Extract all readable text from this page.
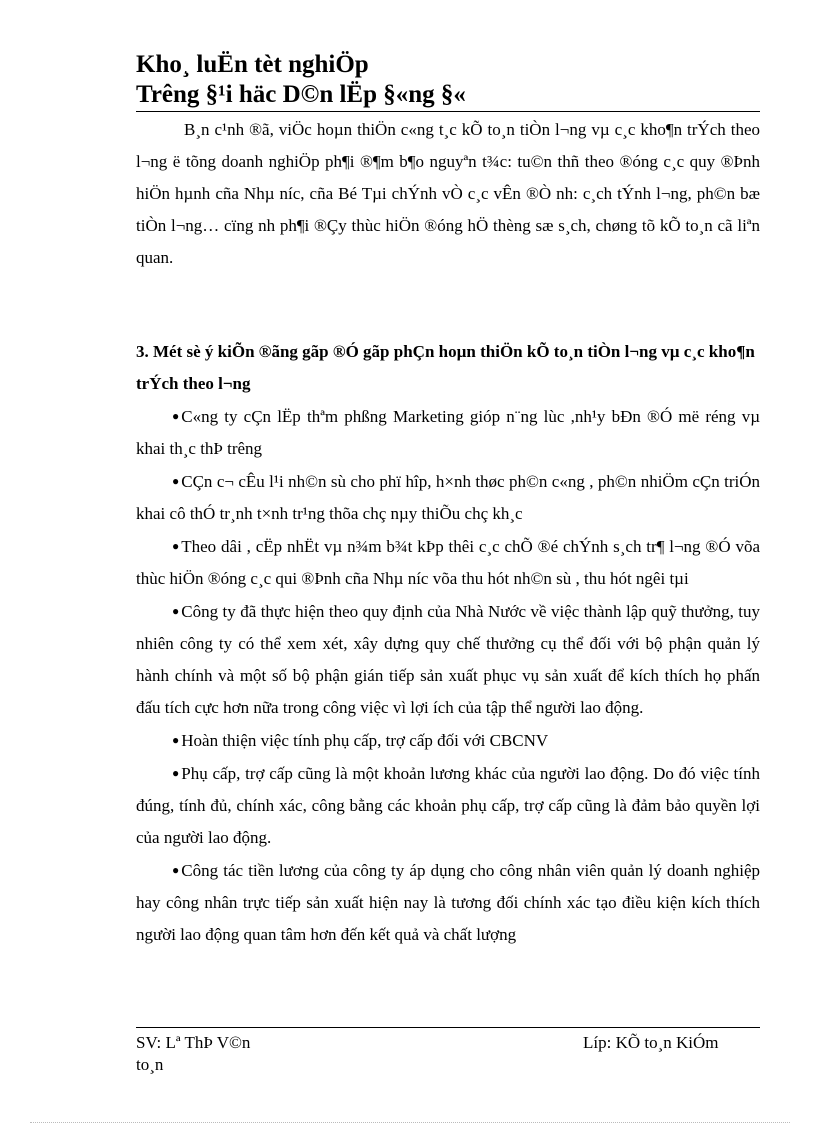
Kho¸ luËn tèt nghiÖp
Trêng §¹i häc D©n lËp §«ng §«

B¸n c¹nh ®ã, viÖc hoµn thiÖn c«ng t¸c kÕ to¸n tiÒn l¬ng vµ c¸c kho¶n trÝch theo l¬ng ë tõng doanh nghiÖp ph¶i ®¶m b¶o nguyªn t¾c: tu©n thñ theo ®óng c¸c quy ®Þnh hiÖn hµnh cña Nhµ níc, cña Bé Tµi chÝnh vÒ c¸c vÊn ®Ò nh: c¸ch tÝnh l¬ng, ph©n bæ tiÒn l¬ng… cïng nh ph¶i ®Çy thùc hiÖn ®óng hÖ thèng sæ s¸ch, chøng tõ kÕ to¸n cã liªn quan.

3. Mét sè ý kiÕn ®ãng gãp ®Ó gãp phÇn hoµn thiÖn kÕ to¸n tiÒn l¬ng vµ c¸c kho¶n trÝch theo l¬ng

● C«ng ty cÇn lËp thªm phßng Marketing gióp n¨ng lùc ,nh¹y bÐn ®Ó më réng vµ khai th¸c thÞ trêng

● CÇn c¬ cÊu l¹i nh©n sù cho phï hîp, h×nh thøc ph©n c«ng , ph©n nhiÖm cÇn triÓn khai cô thÓ tr¸nh t×nh tr¹ng thõa chç nµy thiÕu chç kh¸c

● Theo dâi , cËp nhËt vµ n¾m b¾t kÞp thêi c¸c chÕ ®é chÝnh s¸ch tr¶ l¬ng ®Ó võa thùc hiÖn ®óng c¸c qui ®Þnh cña Nhµ níc võa thu hót nh©n sù , thu hót ngêi tµi

● Công ty đã thực hiện theo quy định của Nhà Nước về việc thành lập quỹ thưởng, tuy nhiên công ty có thể xem xét, xây dựng quy chế thưởng cụ thể đối với bộ phận quản lý hành chính và một số bộ phận gián tiếp sản xuất phục vụ sản xuất để kích thích họ phấn đấu tích cực hơn nữa trong công việc vì lợi ích của tập thể người lao động.

● Hoàn thiện việc tính phụ cấp, trợ cấp đối với CBCNV

● Phụ cấp, trợ cấp cũng là một khoản lương khác của người lao động. Do đó việc tính đúng, tính đủ, chính xác, công bằng các khoản phụ cấp, trợ cấp cũng là đảm bảo quyền lợi của người lao động.

● Công tác tiền lương của công ty áp dụng cho công nhân viên quản lý doanh nghiệp hay công nhân trực tiếp sản xuất hiện nay là tương đối chính xác tạo điều kiện kích thích người lao động quan tâm hơn đến kết quả và chất lượng

SV: Lª ThÞ V©n
to¸n
Líp: KÕ to¸n KiÓm
